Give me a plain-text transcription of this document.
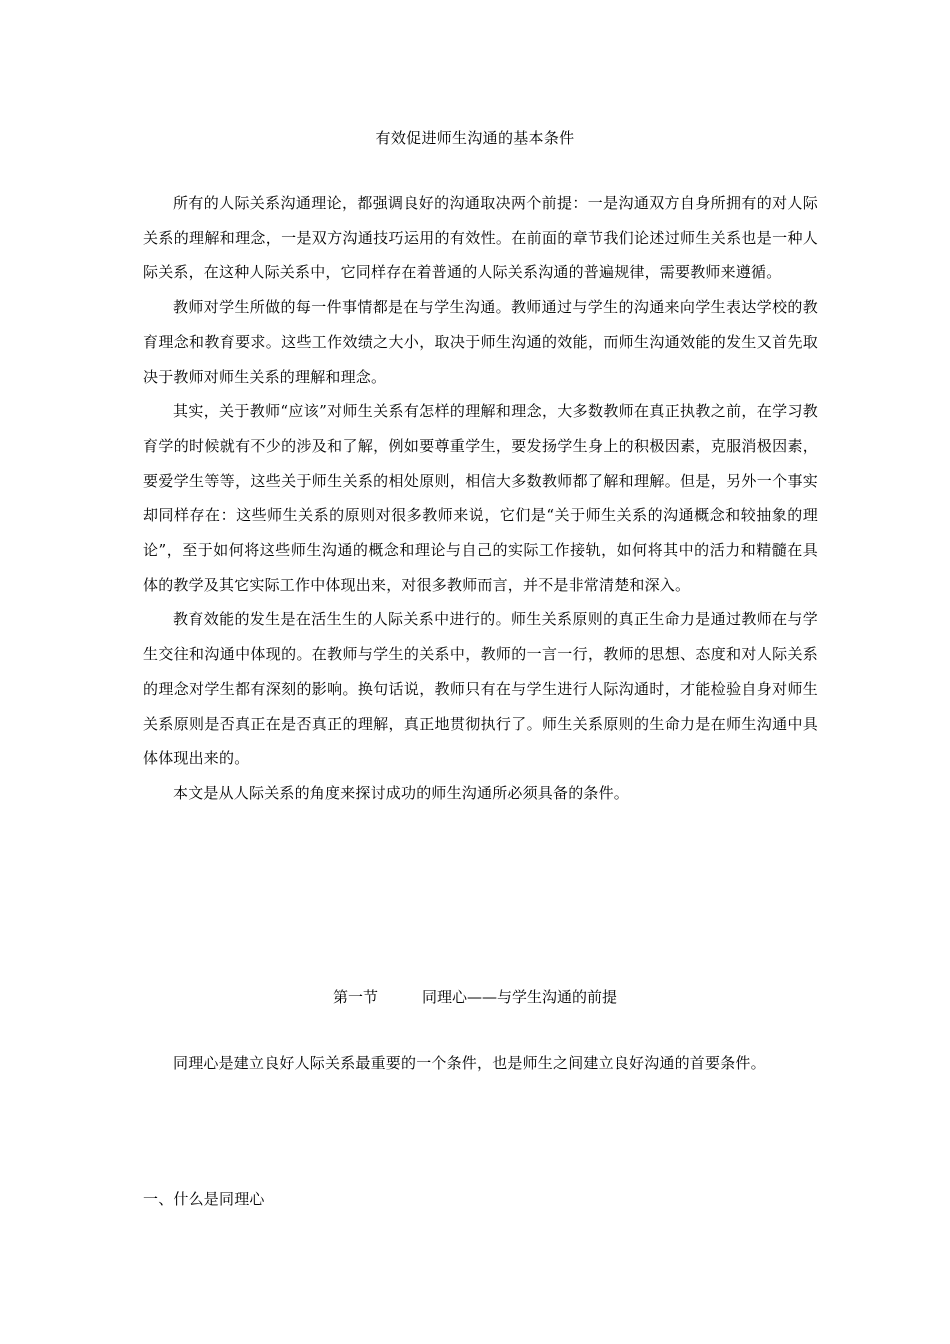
有效促进师生沟通的基本条件

所有的人际关系沟通理论，都强调良好的沟通取决两个前提：一是沟通双方自身所拥有的对人际关系的理解和理念，一是双方沟通技巧运用的有效性。在前面的章节我们论述过师生关系也是一种人际关系，在这种人际关系中，它同样存在着普通的人际关系沟通的普遍规律，需要教师来遵循。

教师对学生所做的每一件事情都是在与学生沟通。教师通过与学生的沟通来向学生表达学校的教育理念和教育要求。这些工作效绩之大小，取决于师生沟通的效能，而师生沟通效能的发生又首先取决于教师对师生关系的理解和理念。

其实，关于教师“应该”对师生关系有怎样的理解和理念，大多数教师在真正执教之前，在学习教育学的时候就有不少的涉及和了解，例如要尊重学生，要发扬学生身上的积极因素，克服消极因素，要爱学生等等，这些关于师生关系的相处原则，相信大多数教师都了解和理解。但是，另外一个事实却同样存在：这些师生关系的原则对很多教师来说，它们是“关于师生关系的沟通概念和较抽象的理论”，至于如何将这些师生沟通的概念和理论与自己的实际工作接轨，如何将其中的活力和精髓在具体的教学及其它实际工作中体现出来，对很多教师而言，并不是非常清楚和深入。

教育效能的发生是在活生生的人际关系中进行的。师生关系原则的真正生命力是通过教师在与学生交往和沟通中体现的。在教师与学生的关系中，教师的一言一行，教师的思想、态度和对人际关系的理念对学生都有深刻的影响。换句话说，教师只有在与学生进行人际沟通时，才能检验自身对师生关系原则是否真正在是否真正的理解，真正地贯彻执行了。师生关系原则的生命力是在师生沟通中具体体现出来的。

本文是从人际关系的角度来探讨成功的师生沟通所必须具备的条件。

第一节	同理心——与学生沟通的前提

同理心是建立良好人际关系最重要的一个条件，也是师生之间建立良好沟通的首要条件。

一、什么是同理心
